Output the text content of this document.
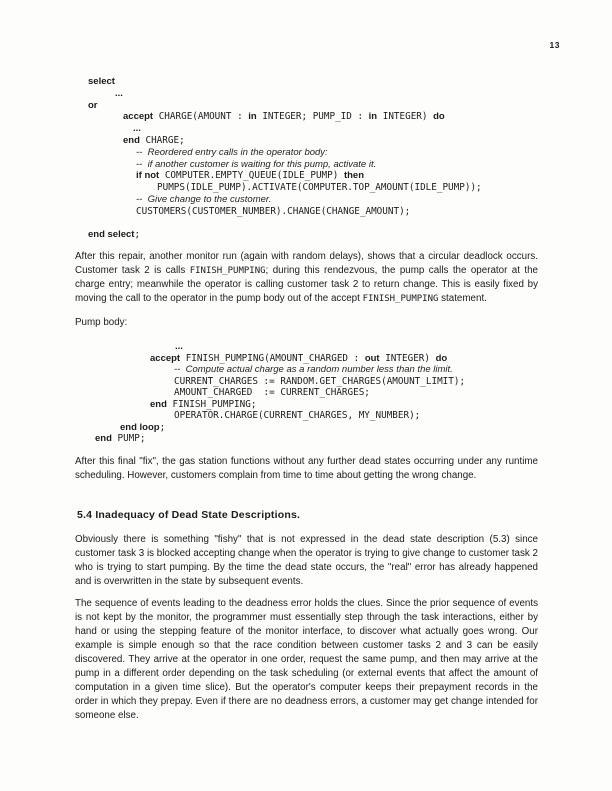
13
select
...
or
accept CHARGE(AMOUNT : in INTEGER; PUMP_ID : in INTEGER) do
...
end CHARGE;
--  Reordered entry calls in the operator body:
--  if another customer is waiting for this pump, activate it.
if not COMPUTER.EMPTY_QUEUE(IDLE_PUMP) then
PUMPS(IDLE_PUMP).ACTIVATE(COMPUTER.TOP_AMOUNT(IDLE_PUMP));
--  Give change to the customer.
CUSTOMERS(CUSTOMER_NUMBER).CHANGE(CHANGE_AMOUNT);

end select;

After this repair, another monitor run (again with random delays), shows that a circular deadlock occurs. Customer task 2 is calls FINISH_PUMPING; during this rendezvous, the pump calls the operator at the charge entry; meanwhile the operator is calling customer task 2 to return change. This is easily fixed by moving the call to the operator in the pump body out of the accept FINISH_PUMPING statement.

Pump body:

...
accept FINISH_PUMPING(AMOUNT_CHARGED : out INTEGER) do
--  Compute actual charge as a random number less than the limit.
CURRENT_CHARGES := RANDOM.GET_CHARGES(AMOUNT_LIMIT);
AMOUNT_CHARGED  := CURRENT_CHARGES;
end FINISH_PUMPING;
OPERATOR.CHARGE(CURRENT_CHARGES, MY_NUMBER);
end loop;
end PUMP;

After this final "fix", the gas station functions without any further dead states occurring under any runtime scheduling. However, customers complain from time to time about getting the wrong change.

5.4 Inadequacy of Dead State Descriptions.

Obviously there is something "fishy" that is not expressed in the dead state description (5.3) since customer task 3 is blocked accepting change when the operator is trying to give change to customer task 2 who is trying to start pumping. By the time the dead state occurs, the "real" error has already happened and is overwritten in the state by subsequent events.

The sequence of events leading to the deadness error holds the clues. Since the prior sequence of events is not kept by the monitor, the programmer must essentially step through the task interactions, either by hand or using the stepping feature of the monitor interface, to discover what actually goes wrong. Our example is simple enough so that the race condition between customer tasks 2 and 3 can be easily discovered. They arrive at the operator in one order, request the same pump, and then may arrive at the pump in a different order depending on the task scheduling (or external events that affect the amount of computation in a given time slice). But the operator's computer keeps their prepayment records in the order in which they prepay. Even if there are no deadness errors, a customer may get change intended for someone else.
